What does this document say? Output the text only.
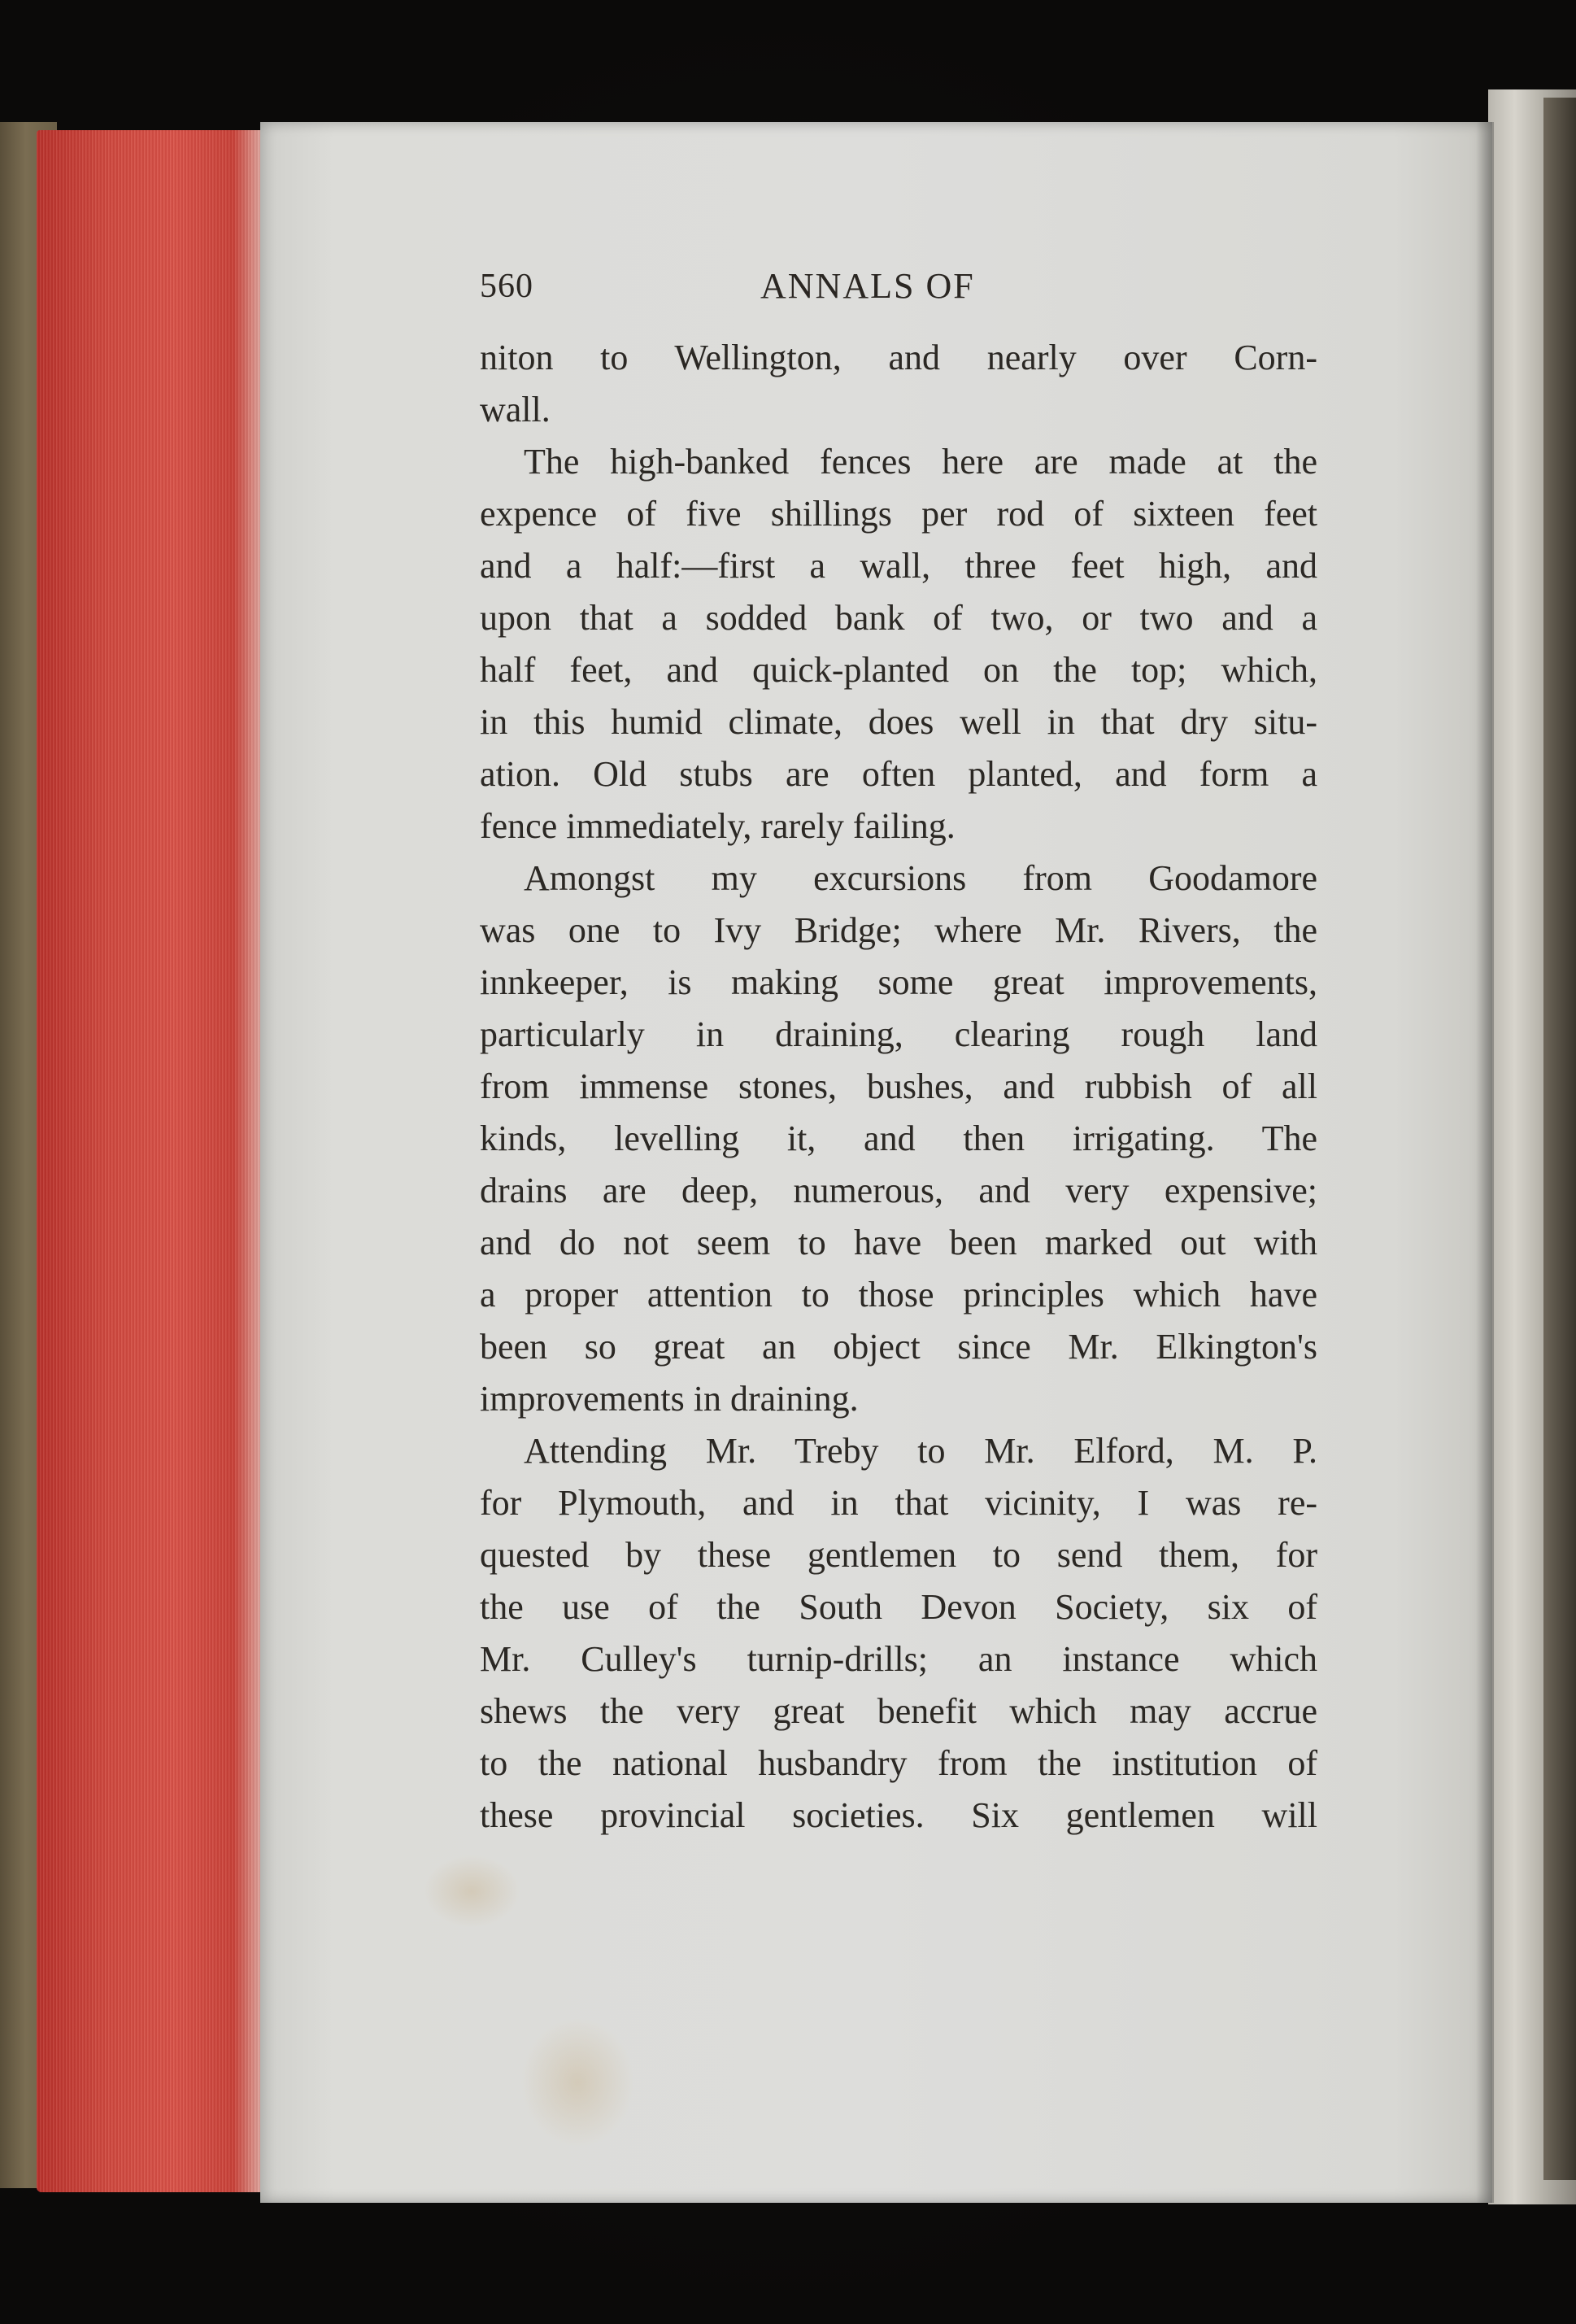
560	ANNALS OF
niton to Wellington, and nearly over Corn-
wall.
The high-banked fences here are made at the
expence of five shillings per rod of sixteen feet
and a half:—first a wall, three feet high, and
upon that a sodded bank of two, or two and a
half feet, and quick-planted on the top; which,
in this humid climate, does well in that dry situ-
ation. Old stubs are often planted, and form a
fence immediately, rarely failing.
Amongst my excursions from Goodamore
was one to Ivy Bridge; where Mr. Rivers, the
innkeeper, is making some great improvements,
particularly in draining, clearing rough land
from immense stones, bushes, and rubbish of all
kinds, levelling it, and then irrigating. The
drains are deep, numerous, and very expensive;
and do not seem to have been marked out with
a proper attention to those principles which have
been so great an object since Mr. Elkington's
improvements in draining.
Attending Mr. Treby to Mr. Elford, M. P.
for Plymouth, and in that vicinity, I was re-
quested by these gentlemen to send them, for
the use of the South Devon Society, six of
Mr. Culley's turnip-drills; an instance which
shews the very great benefit which may accrue
to the national husbandry from the institution of
these provincial societies. Six gentlemen will
